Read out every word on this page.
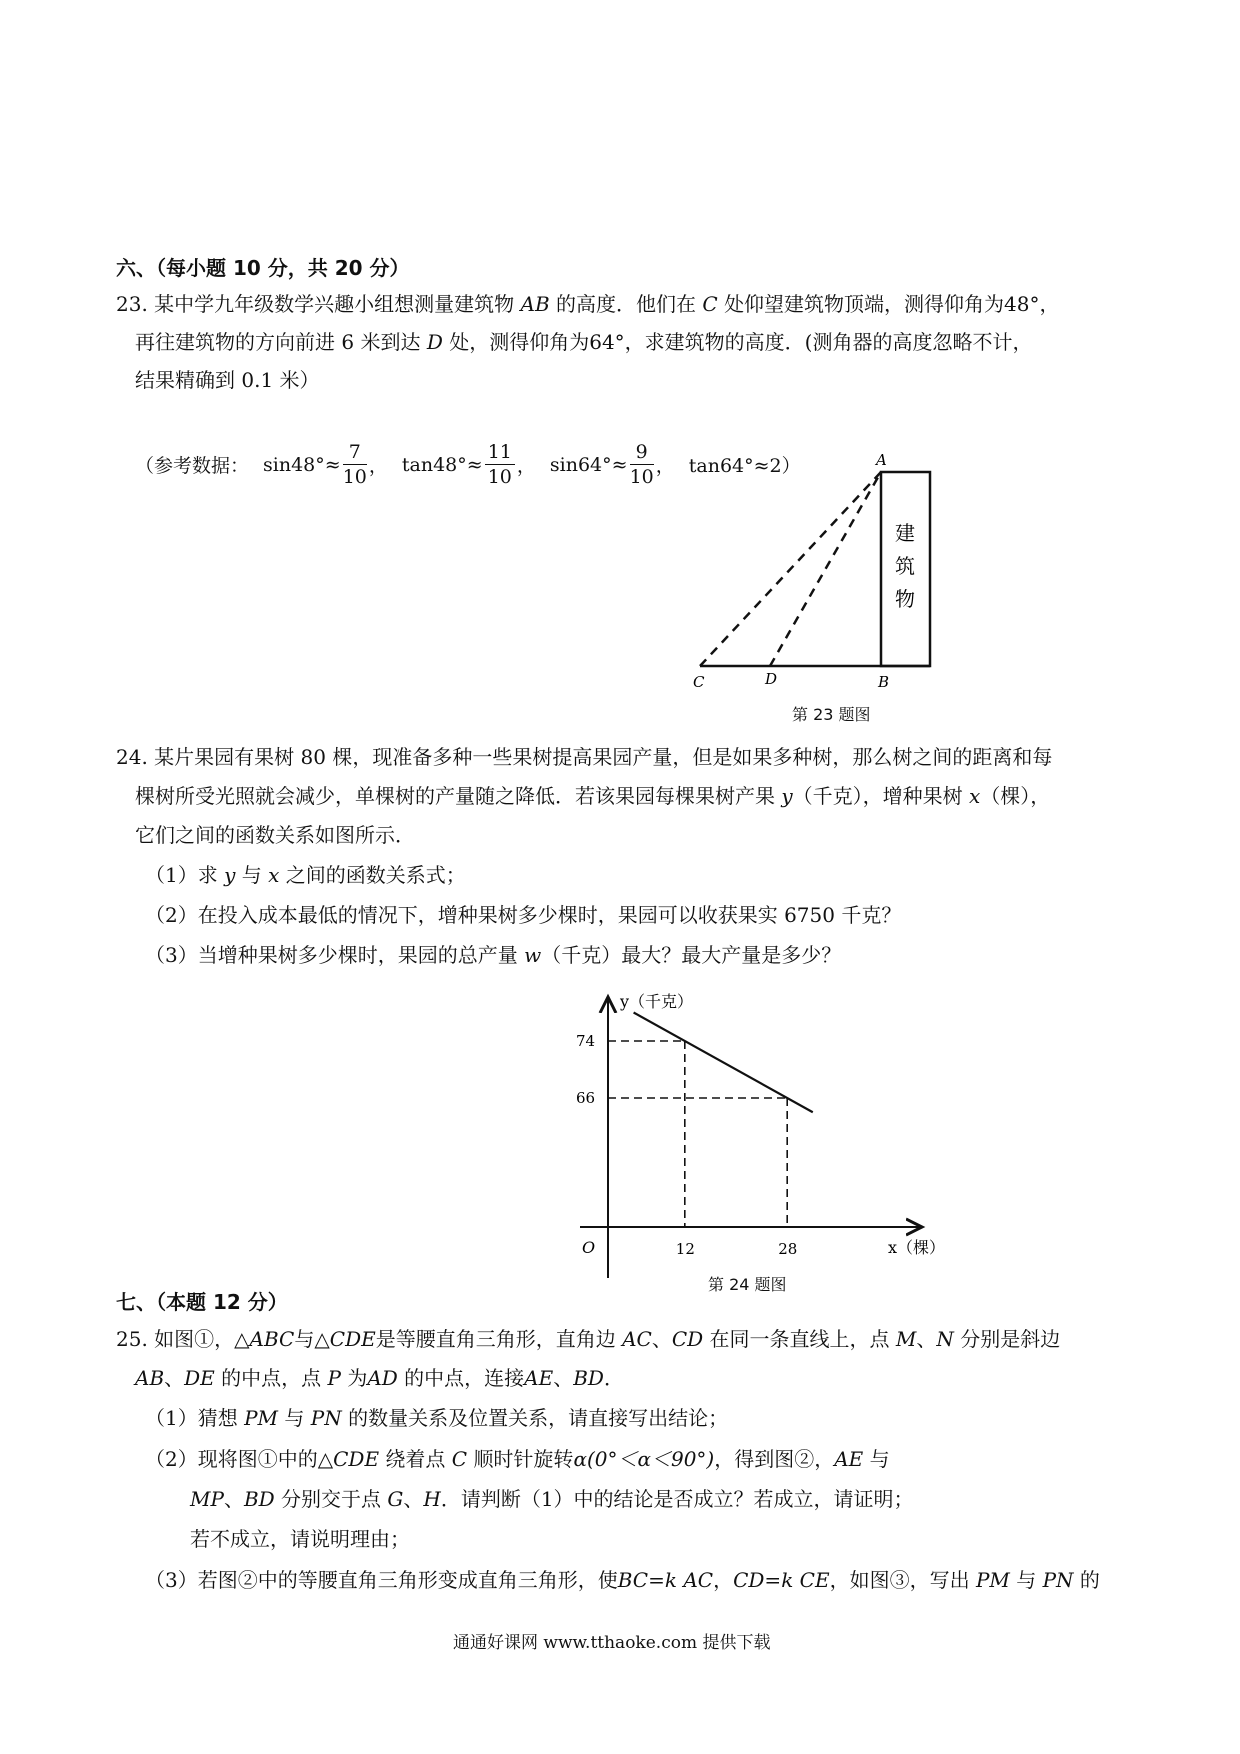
六、（每小题 10 分，共 20 分）
23. 某中学九年级数学兴趣小组想测量建筑物 AB 的高度．他们在 C 处仰望建筑物顶端，测得仰角为48°，
再往建筑物的方向前进 6 米到达 D 处，测得仰角为64°，求建筑物的高度．(测角器的高度忽略不计，
结果精确到 0.1 米）
（参考数据： $\sin 48^\circ\approx \frac{7}{10}$ ， $\tan 48^\circ\approx \frac{11}{10}$ ， $\sin 64^\circ\approx \frac{9}{10}$ ， tan64°≈2）	A
C	D	B
建
筑
物
第 23 题图
24. 某片果园有果树 80 棵，现准备多种一些果树提高果园产量，但是如果多种树，那么树之间的距离和每
棵树所受光照就会减少，单棵树的产量随之降低．若该果园每棵果树产果 y（千克），增种果树 x（棵），
它们之间的函数关系如图所示．
（1）求 y 与 x 之间的函数关系式；
（2）在投入成本最低的情况下，增种果树多少棵时，果园可以收获果实 6750 千克？
（3）当增种果树多少棵时，果园的总产量 w（千克）最大？最大产量是多少？
y（千克）
x（棵）
O	12
74
28
66
第 24 题图
七、（本题 12 分）
25. 如图①，△ABC与△CDE是等腰直角三角形，直角边 AC、CD 在同一条直线上，点 M、N 分别是斜边
AB、DE 的中点，点 P 为AD 的中点，连接AE、BD．
（1）猜想 PM 与 PN 的数量关系及位置关系，请直接写出结论；
（2）现将图①中的△CDE 绕着点 C 顺时针旋转α(0°＜α＜90°)，得到图②，AE 与
MP、BD 分别交于点 G、H．请判断（1）中的结论是否成立？若成立，请证明；
若不成立，请说明理由；
（3）若图②中的等腰直角三角形变成直角三角形，使BC=k AC，CD=k CE，如图③，写出 PM 与 PN 的
通通好课网 www.tthaoke.com 提供下载
